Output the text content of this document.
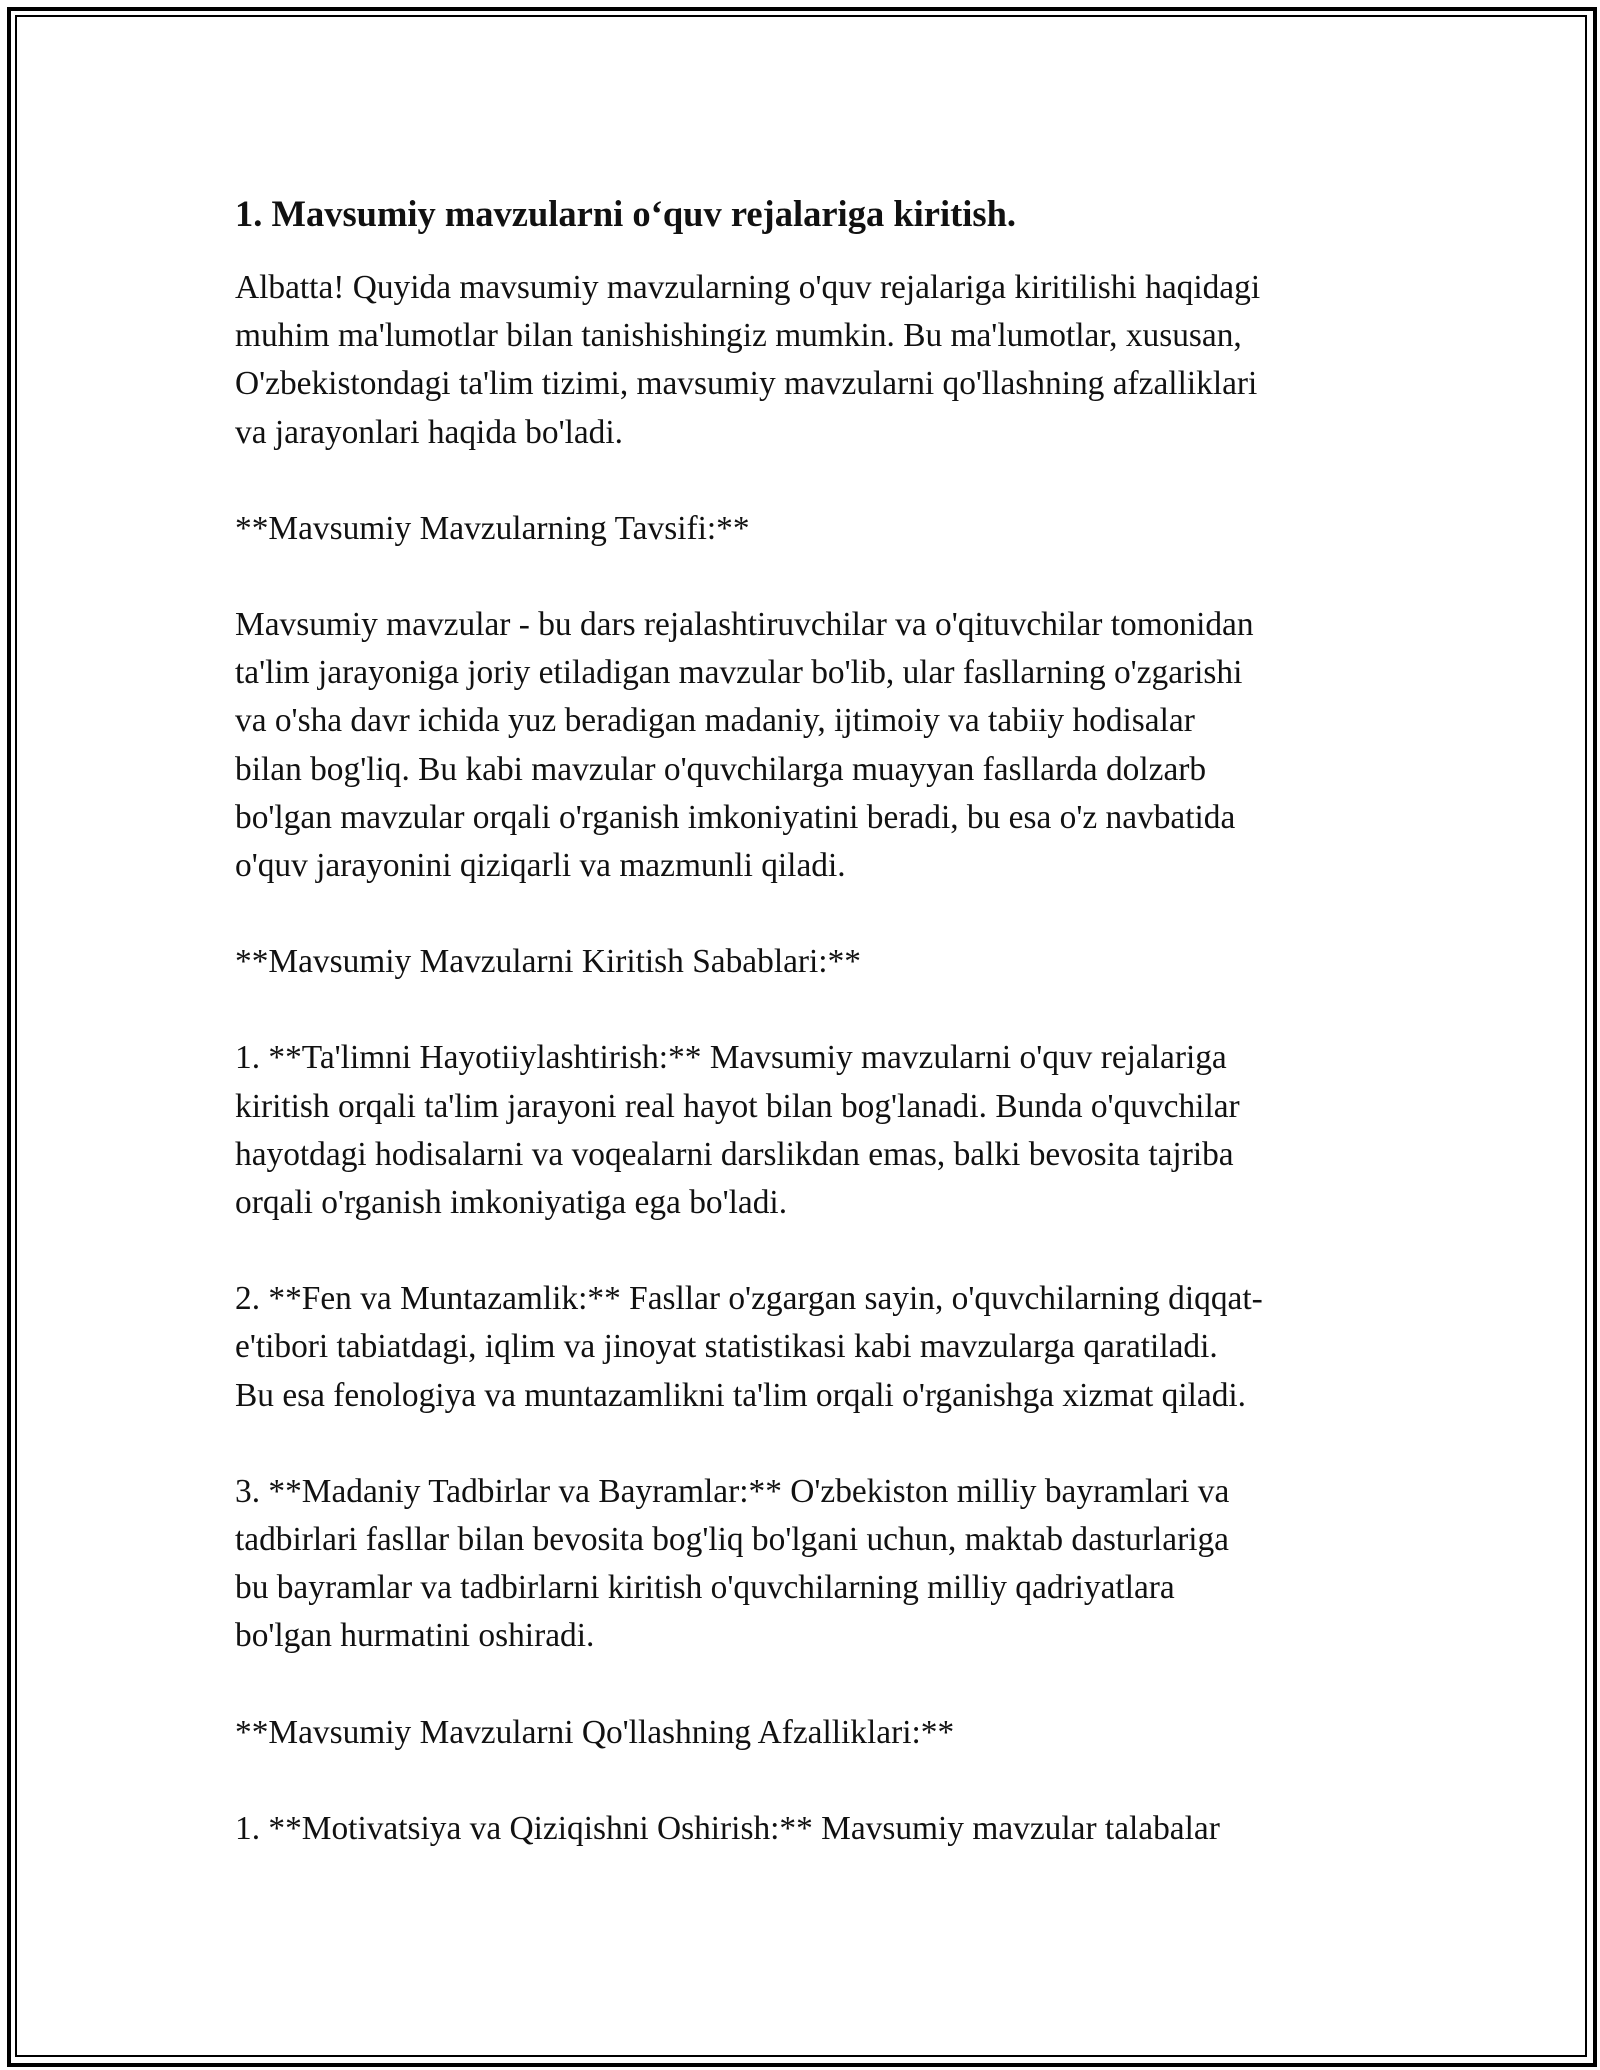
1. Mavsumiy mavzularni o‘quv rejalariga kiritish.

Albatta! Quyida mavsumiy mavzularning o'quv rejalariga kiritilishi haqidagi
muhim ma'lumotlar bilan tanishishingiz mumkin. Bu ma'lumotlar, xususan,
O'zbekistondagi ta'lim tizimi, mavsumiy mavzularni qo'llashning afzalliklari
va jarayonlari haqida bo'ladi.

**Mavsumiy Mavzularning Tavsifi:**

Mavsumiy mavzular - bu dars rejalashtiruvchilar va o'qituvchilar tomonidan
ta'lim jarayoniga joriy etiladigan mavzular bo'lib, ular fasllarning o'zgarishi
va o'sha davr ichida yuz beradigan madaniy, ijtimoiy va tabiiy hodisalar
bilan bog'liq. Bu kabi mavzular o'quvchilarga muayyan fasllarda dolzarb
bo'lgan mavzular orqali o'rganish imkoniyatini beradi, bu esa o'z navbatida
o'quv jarayonini qiziqarli va mazmunli qiladi.

**Mavsumiy Mavzularni Kiritish Sabablari:**

1. **Ta'limni Hayotiiylashtirish:** Mavsumiy mavzularni o'quv rejalariga
kiritish orqali ta'lim jarayoni real hayot bilan bog'lanadi. Bunda o'quvchilar
hayotdagi hodisalarni va voqealarni darslikdan emas, balki bevosita tajriba
orqali o'rganish imkoniyatiga ega bo'ladi.

2. **Fen va Muntazamlik:** Fasllar o'zgargan sayin, o'quvchilarning diqqat-
e'tibori tabiatdagi, iqlim va jinoyat statistikasi kabi mavzularga qaratiladi.
Bu esa fenologiya va muntazamlikni ta'lim orqali o'rganishga xizmat qiladi.

3. **Madaniy Tadbirlar va Bayramlar:** O'zbekiston milliy bayramlari va
tadbirlari fasllar bilan bevosita bog'liq bo'lgani uchun, maktab dasturlariga
bu bayramlar va tadbirlarni kiritish o'quvchilarning milliy qadriyatlara
bo'lgan hurmatini oshiradi.

**Mavsumiy Mavzularni Qo'llashning Afzalliklari:**

1. **Motivatsiya va Qiziqishni Oshirish:** Mavsumiy mavzular talabalar
